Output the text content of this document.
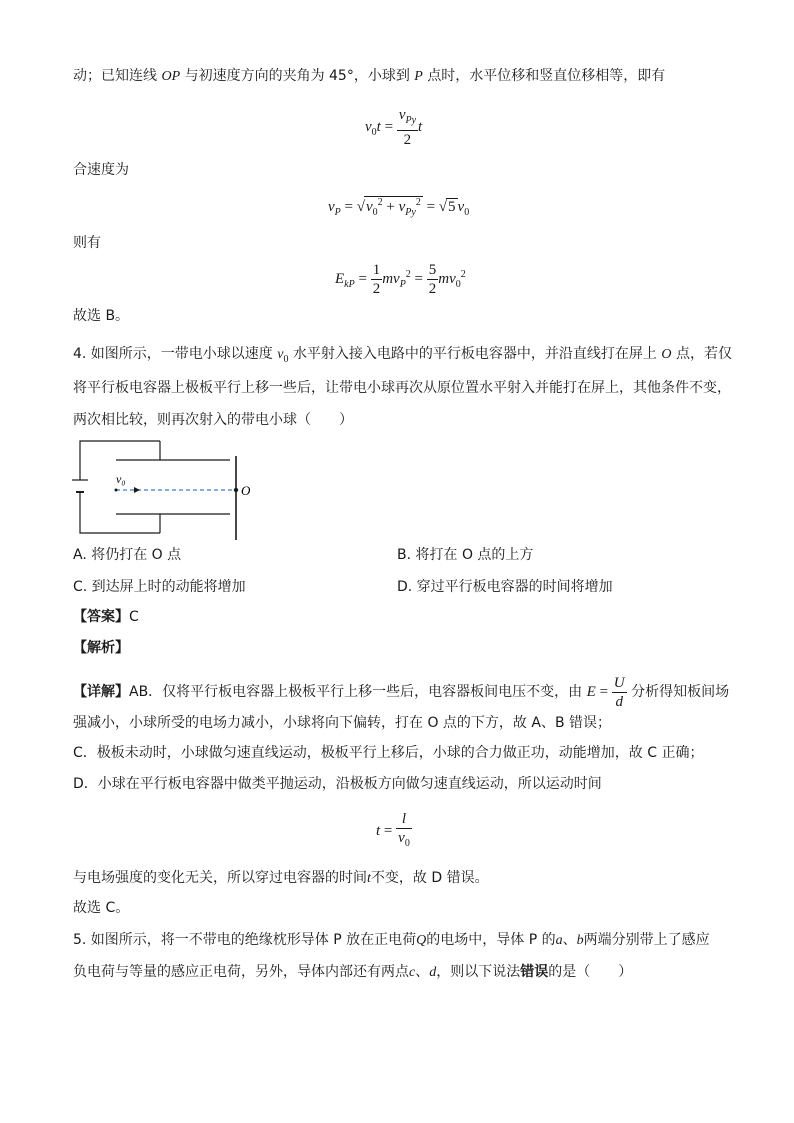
动；已知连线 OP 与初速度方向的夹角为 45°，小球到 P 点时，水平位移和竖直位移相等，即有
$v_0t = \frac{v_{Py}}{2}$ t
合速度为
$v_P = √v_0^2 + v_{Py}^2 = √5$ $v_0$
则有
$E_{kP} = \frac{1}{2} mv_P^2 = \frac{5}{2} mv_0^2$
故选 B。
4. 如图所示，一带电小球以速度 $v_0$ 水平射入接入电路中的平行板电容器中，并沿直线打在屏上 O 点，若仅
将平行板电容器上极板平行上移一些后，让带电小球再次从原位置水平射入并能打在屏上，其他条件不变，
两次相比较，则再次射入的带电小球（　　）
v₀
O
A. 将仍打在 O 点	B. 将打在 O 点的上方
C. 到达屏上时的动能将增加	D. 穿过平行板电容器的时间将增加
【答案】C
【解析】
【详解】AB．仅将平行板电容器上极板平行上移一些后，电容器板间电压不变，由 $E = \frac{U}{d}$ 分析得知板间场
强减小，小球所受的电场力减小，小球将向下偏转，打在 O 点的下方，故 A、B 错误；
C．极板未动时，小球做匀速直线运动，极板平行上移后，小球的合力做正功，动能增加，故 C 正确；
D．小球在平行板电容器中做类平抛运动，沿极板方向做匀速直线运动，所以运动时间
$t = \frac{l}{v_0}$
与电场强度的变化无关，所以穿过电容器的时间t不变，故 D 错误。
故选 C。
5. 如图所示，将一不带电的绝缘枕形导体 P 放在正电荷Q的电场中，导体 P 的a、b两端分别带上了感应
负电荷与等量的感应正电荷，另外，导体内部还有两点c、d，则以下说法错误的是（　　）
